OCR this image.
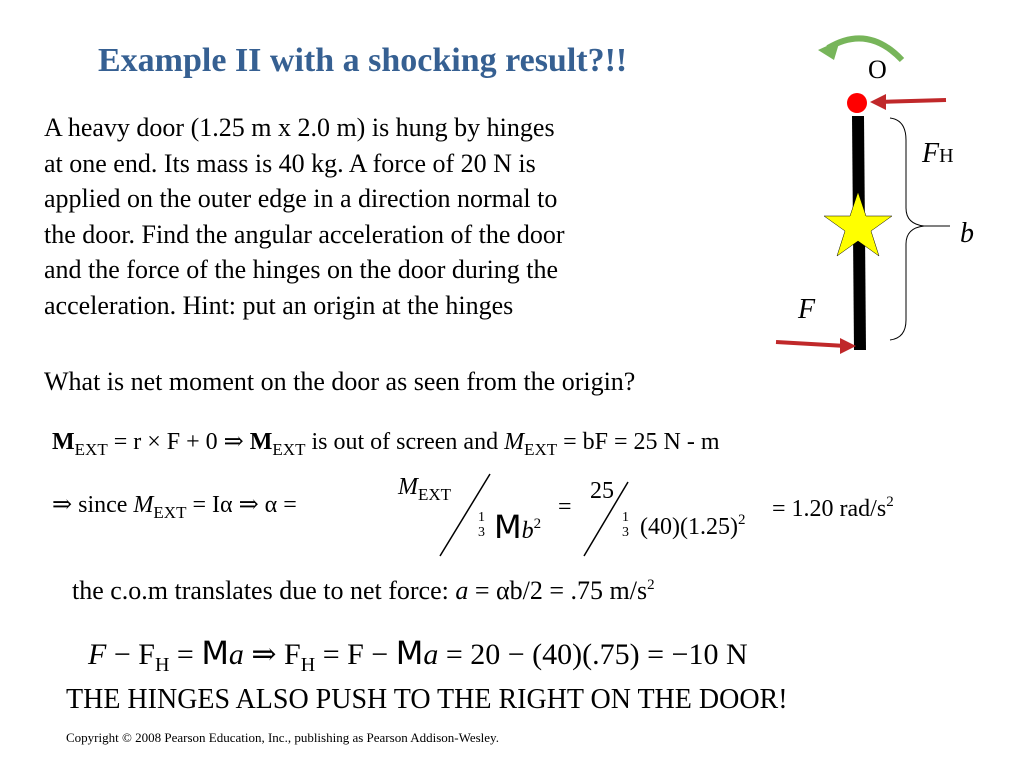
Example II with a shocking result?!!
A heavy door (1.25 m x 2.0 m) is hung by hinges
at one end. Its mass is 40 kg. A force of 20 N is
applied on the outer edge in a direction normal to
the door. Find the angular acceleration of the door
and the force of the hinges on the door during the
acceleration. Hint: put an origin at the hinges
What is net moment on the door as seen from the origin?
$M_{EXT} = r \times F + 0$ ⇒ $M_{EXT}$ is out of screen and $M_{EXT}$ = bF = 25 N - m
⇒ since $M_{EXT} = I\alpha$ ⇒ α =
$M_{EXT}$
1
3 $Mb^2$
=
25
1
3 $(40)(1.25)^2 = 1.20$ rad/$s^2$
the c.o.m translates due to net force: a = αb/2 = .75 $m/s^2$
$F - F_H = Ma$ ⇒ $F_H = F - Ma = 20 - (40)(.75) = -10$ N
THE HINGES ALSO PUSH TO THE RIGHT ON THE DOOR!
Copyright © 2008 Pearson Education, Inc., publishing as Pearson Addison-Wesley.
O
FH
b
F
